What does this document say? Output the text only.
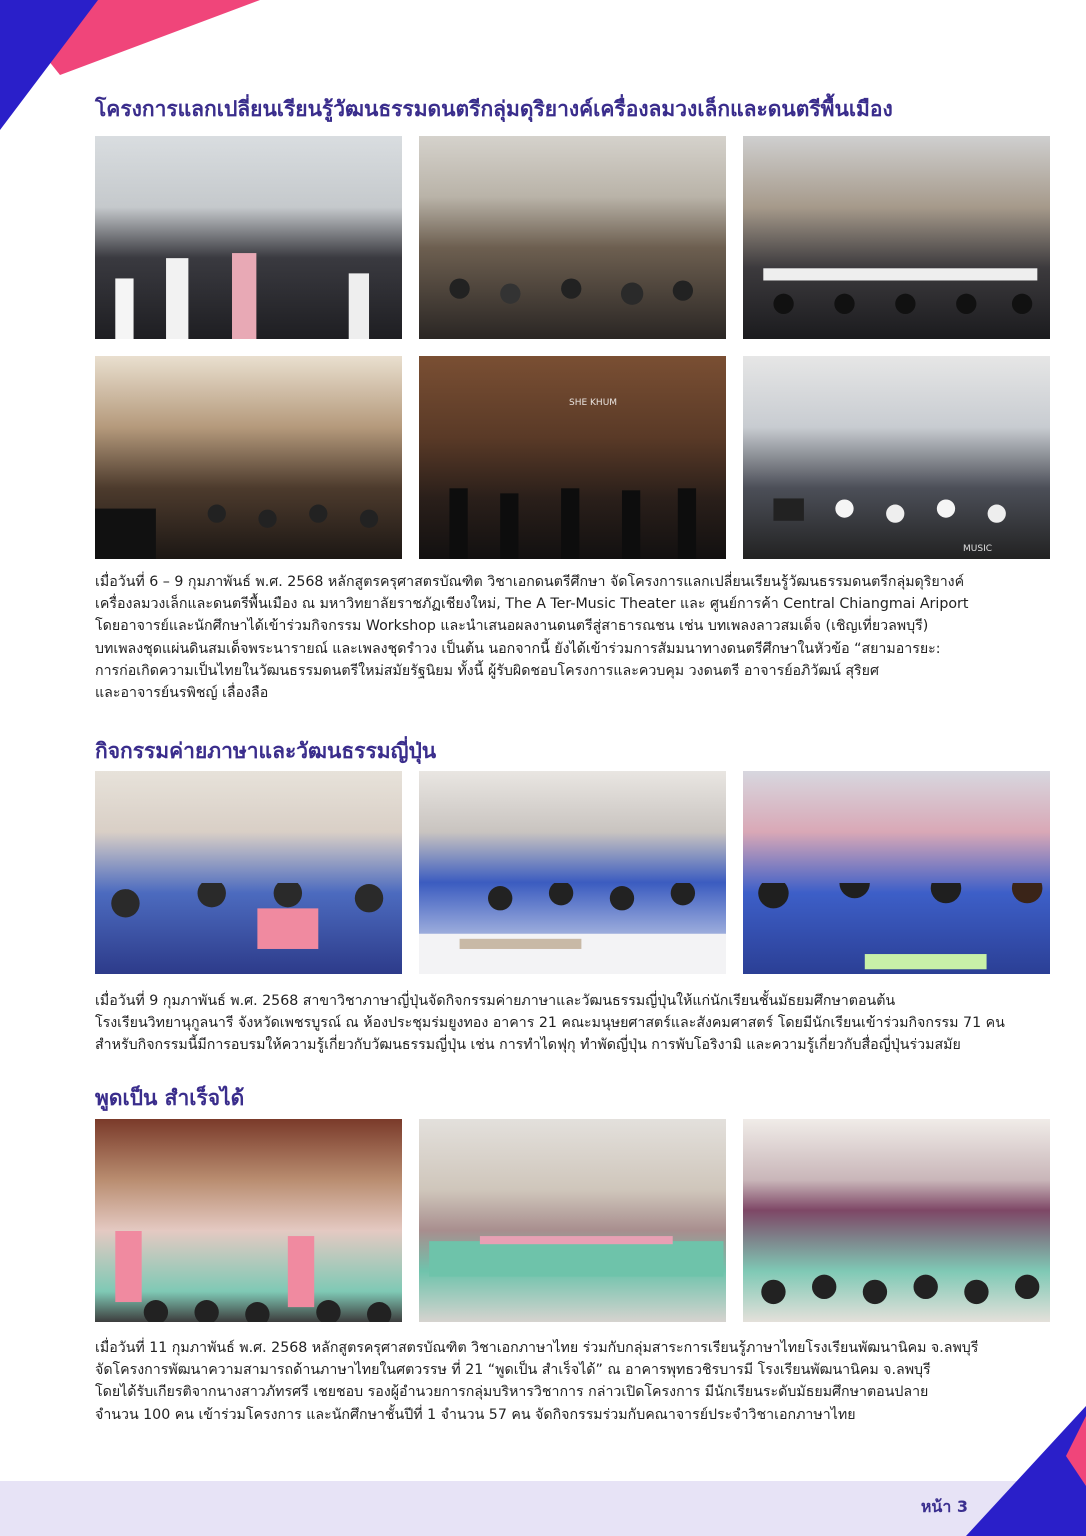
หน้า 3
โครงการแลกเปลี่ยนเรียนรู้วัฒนธรรมดนตรีกลุ่มดุริยางค์เครื่องลมวงเล็กและดนตรีพื้นเมือง
SHE KHUM
MUSIC

เมื่อวันที่ 6 – 9 กุมภาพันธ์ พ.ศ. 2568 หลักสูตรครุศาสตรบัณฑิต วิชาเอกดนตรีศึกษา จัดโครงการแลกเปลี่ยนเรียนรู้วัฒนธรรมดนตรีกลุ่มดุริยางค์

เครื่องลมวงเล็กและดนตรีพื้นเมือง ณ มหาวิทยาลัยราชภัฏเชียงใหม่, The A Ter-Music Theater และ ศูนย์การค้า Central Chiangmai Ariport

โดยอาจารย์และนักศึกษาได้เข้าร่วมกิจกรรม Workshop และนำเสนอผลงานดนตรีสู่สาธารณชน เช่น บทเพลงลาวสมเด็จ (เชิญเที่ยวลพบุรี)

บทเพลงชุดแผ่นดินสมเด็จพระนารายณ์ และเพลงชุดรำวง เป็นต้น นอกจากนี้ ยังได้เข้าร่วมการสัมมนาทางดนตรีศึกษาในหัวข้อ “สยามอารยะ:

การก่อเกิดความเป็นไทยในวัฒนธรรมดนตรีใหม่สมัยรัฐนิยม ทั้งนี้ ผู้รับผิดชอบโครงการและควบคุม วงดนตรี อาจารย์อภิวัฒน์ สุริยศ

และอาจารย์นรพิชญ์ เลื่องลือ

กิจกรรมค่ายภาษาและวัฒนธรรมญี่ปุ่น

เมื่อวันที่ 9 กุมภาพันธ์ พ.ศ. 2568 สาขาวิชาภาษาญี่ปุ่นจัดกิจกรรมค่ายภาษาและวัฒนธรรมญี่ปุ่นให้แก่นักเรียนชั้นมัธยมศึกษาตอนต้น

โรงเรียนวิทยานุกูลนารี จังหวัดเพชรบูรณ์ ณ ห้องประชุมร่มยูงทอง อาคาร 21 คณะมนุษยศาสตร์และสังคมศาสตร์ โดยมีนักเรียนเข้าร่วมกิจกรรม 71 คน

สำหรับกิจกรรมนี้มีการอบรมให้ความรู้เกี่ยวกับวัฒนธรรมญี่ปุ่น เช่น การทำไดฟุกุ ทำพัดญี่ปุ่น การพับโอริงามิ และความรู้เกี่ยวกับสื่อญี่ปุ่นร่วมสมัย

พูดเป็น สำเร็จได้

เมื่อวันที่ 11 กุมภาพันธ์ พ.ศ. 2568 หลักสูตรครุศาสตรบัณฑิต วิชาเอกภาษาไทย ร่วมกับกลุ่มสาระการเรียนรู้ภาษาไทยโรงเรียนพัฒนานิคม จ.ลพบุรี

จัดโครงการพัฒนาความสามารถด้านภาษาไทยในศตวรรษ ที่ 21 “พูดเป็น สำเร็จได้” ณ อาคารพุทธวชิรบารมี โรงเรียนพัฒนานิคม จ.ลพบุรี

โดยได้รับเกียรติจากนางสาวภัทรศรี เชยชอบ รองผู้อำนวยการกลุ่มบริหารวิชาการ กล่าวเปิดโครงการ มีนักเรียนระดับมัธยมศึกษาตอนปลาย

จำนวน 100 คน เข้าร่วมโครงการ และนักศึกษาชั้นปีที่ 1 จำนวน 57 คน จัดกิจกรรมร่วมกับคณาจารย์ประจำวิชาเอกภาษาไทย
